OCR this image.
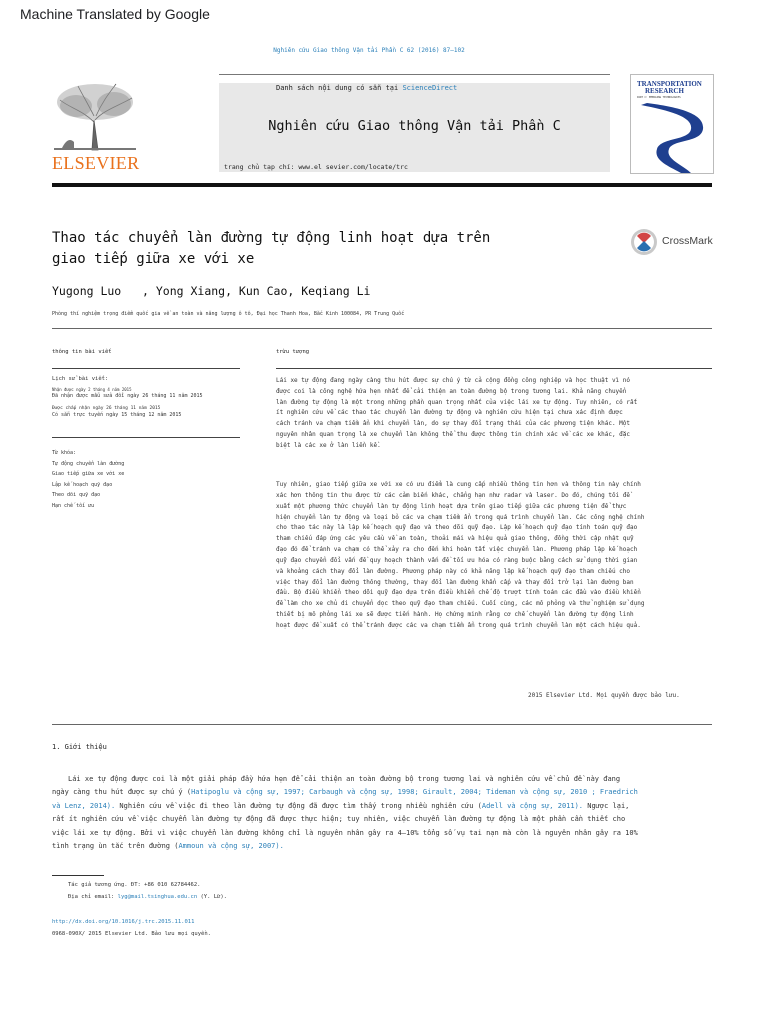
Machine Translated by Google
Nghiên cứu Giao thông Vận tải Phần C 62 (2016) 87–102
ELSEVIER
Danh sách nội dung có sẵn tại ScienceDirect
Nghiên cứu Giao thông Vận tải Phần C
trang chủ tạp chí: www.el sevier.com/locate/trc
TRANSPORTATION
RESEARCH
PART C: EMERGING TECHNOLOGIES
CrossMark
Thao tác chuyển làn đường tự động linh hoạt dựa trên
giao tiếp giữa xe với xe
Yugong Luo   , Yong Xiang, Kun Cao, Keqiang Li
Phòng thí nghiệm trọng điểm quốc gia về an toàn và năng lượng ô tô, Đại học Thanh Hoa, Bắc Kinh 100084, PR Trung Quốc
thông tin bài viết
Lịch sử bài viết:
Nhận được ngày 2 tháng 4 năm 2015
Đã nhận được mẫu sửa đổi ngày 26 tháng 11 năm 2015
Được chấp nhận ngày 26 tháng 11 năm 2015
Có sẵn trực tuyến ngày 15 tháng 12 năm 2015
Từ khóa:
Tự động chuyển làn đường
Giao tiếp giữa xe với xe
Lập kế hoạch quỹ đạo
Theo dõi quỹ đạo
Hạn chế tối ưu
trừu tượng
Lái xe tự động đang ngày càng thu hút được sự chú ý từ cả cộng đồng công nghiệp và học thuật vì nó
được coi là công nghệ hứa hẹn nhất để cải thiện an toàn đường bộ trong tương lai. Khả năng chuyển
làn đường tự động là một trong những phần quan trọng nhất của việc lái xe tự động. Tuy nhiên, có rất
ít nghiên cứu về các thao tác chuyển làn đường tự động và nghiên cứu hiện tại chưa xác định được
cách tránh va chạm tiềm ẩn khi chuyển làn, do sự thay đổi trạng thái của các phương tiện khác. Một
nguyên nhân quan trọng là xe chuyển làn không thể thu được thông tin chính xác về các xe khác, đặc
biệt là các xe ở làn liền kề.
Tuy nhiên, giao tiếp giữa xe với xe có ưu điểm là cung cấp nhiều thông tin hơn và thông tin này chính
xác hơn thông tin thu được từ các cảm biến khác, chẳng hạn như radar và laser. Do đó, chúng tôi đề
xuất một phương thức chuyển làn tự động linh hoạt dựa trên giao tiếp giữa các phương tiện để thực
hiện chuyển làn tự động và loại bỏ các va chạm tiềm ẩn trong quá trình chuyển làn. Các công nghệ chính
cho thao tác này là lập kế hoạch quỹ đạo và theo dõi quỹ đạo. Lập kế hoạch quỹ đạo tính toán quỹ đạo
tham chiếu đáp ứng các yêu cầu về an toàn, thoải mái và hiệu quả giao thông, đồng thời cập nhật quỹ
đạo đó để tránh va chạm có thể xảy ra cho đến khi hoàn tất việc chuyển làn. Phương pháp lập kế hoạch
quỹ đạo chuyển đổi vấn đề quy hoạch thành vấn đề tối ưu hóa có ràng buộc bằng cách sử dụng thời gian
và khoảng cách thay đổi làn đường. Phương pháp này có khả năng lập kế hoạch quỹ đạo tham chiếu cho
việc thay đổi làn đường thông thường, thay đổi làn đường khẩn cấp và thay đổi trở lại làn đường ban
đầu. Bộ điều khiển theo dõi quỹ đạo dựa trên điều khiển chế độ trượt tính toán các đầu vào điều khiển
để làm cho xe chủ di chuyển dọc theo quỹ đạo tham chiếu. Cuối cùng, các mô phỏng và thử nghiệm sử dụng
thiết bị mô phỏng lái xe sẽ được tiến hành. Họ chứng minh rằng cơ chế chuyển làn đường tự động linh
hoạt được đề xuất có thể tránh được các va chạm tiềm ẩn trong quá trình chuyển làn một cách hiệu quả.
2015 Elsevier Ltd. Mọi quyền được bảo lưu.
1. Giới thiệu
Lái xe tự động được coi là một giải pháp đầy hứa hẹn để cải thiện an toàn đường bộ trong tương lai và nghiên cứu về chủ đề này đang
ngày càng thu hút được sự chú ý (Hatipoglu và cộng sự, 1997; Carbaugh và cộng sự, 1998; Girault, 2004; Tideman và cộng sự, 2010 ; Fraedrich
và Lenz, 2014). Nghiên cứu về việc đi theo làn đường tự động đã được tìm thấy trong nhiều nghiên cứu (Adell và cộng sự, 2011). Ngược lại,
rất ít nghiên cứu về việc chuyển làn đường tự động đã được thực hiện; tuy nhiên, việc chuyển làn đường tự động là một phần cần thiết cho
việc lái xe tự động. Bởi vì việc chuyển làn đường không chỉ là nguyên nhân gây ra 4–10% tổng số vụ tai nạn mà còn là nguyên nhân gây ra 10%
tình trạng ùn tắc trên đường (Ammoun và cộng sự, 2007).
Tác giả tương ứng. ĐT: +86 010 62784462.
Địa chỉ email: lyg@mail.tsinghua.edu.cn (Y. Lữ).
http://dx.doi.org/10.1016/j.trc.2015.11.011
0968-090X/ 2015 Elsevier Ltd. Bảo lưu mọi quyền.
